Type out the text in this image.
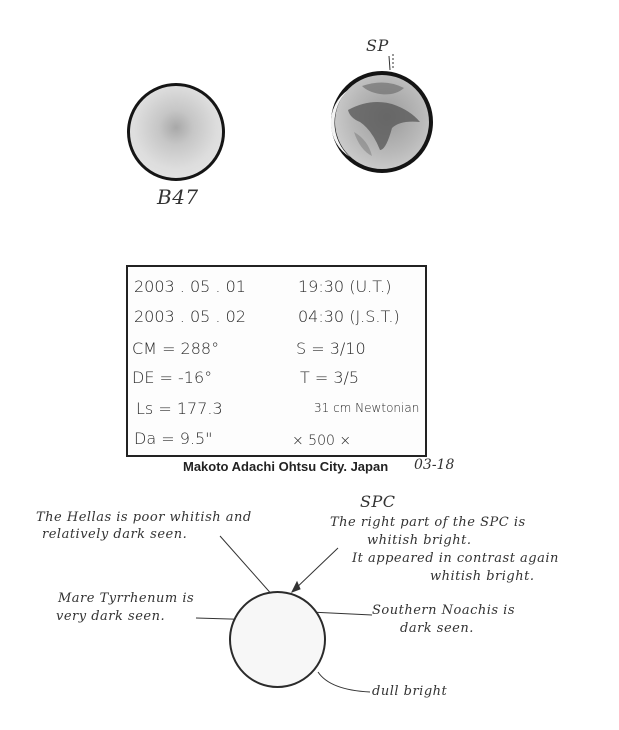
B47
SP
2003 . 05 . 01	19:30 (U.T.)
2003 . 05 . 02	04:30 (J.S.T.)
CM = 288°	S = 3/10
DE = -16°	T = 3/5
Ls = 177.3	31 cm Newtonian
Da = 9.5"	× 500 ×
Makoto Adachi Ohtsu City. Japan 03-18
The Hellas is poor whitish and
relatively dark seen.
SPC
The right part of the SPC is
whitish bright.
It appeared in contrast again
whitish bright.
Mare Tyrrhenum is
very dark seen.	Southern Noachis is
dark seen.
dull bright
